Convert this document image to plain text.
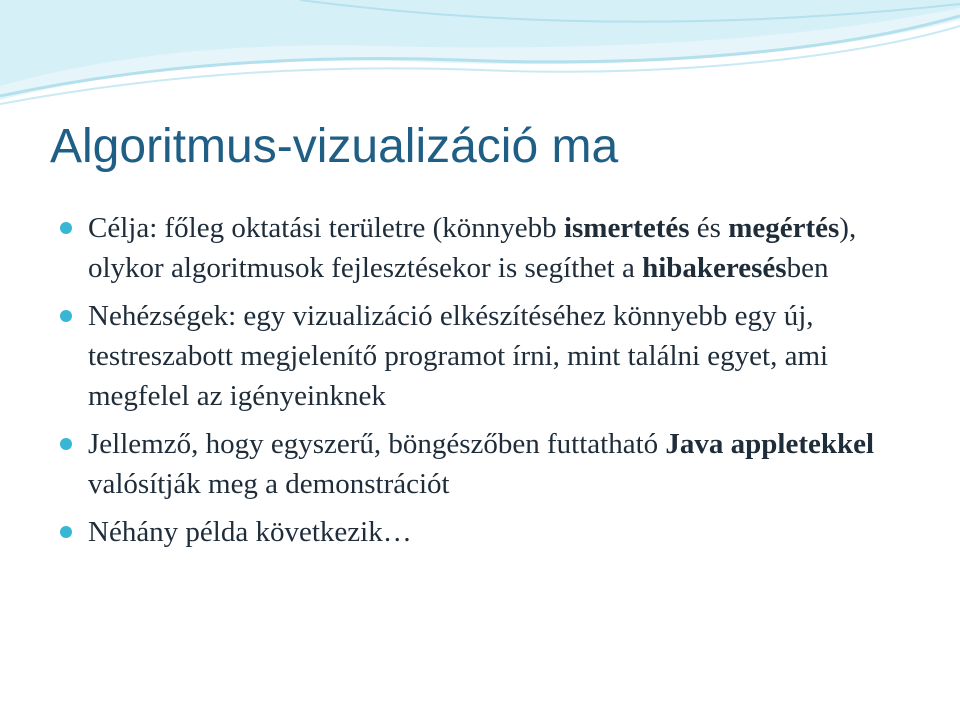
Algoritmus-vizualizáció ma
Célja: főleg oktatási területre (könnyebb ismertetés és megértés), olykor algoritmusok fejlesztésekor is segíthet a hibakeresésben
Nehézségek: egy vizualizáció elkészítéséhez könnyebb egy új, testreszabott megjelenítő programot írni, mint találni egyet, ami megfelel az igényeinknek
Jellemző, hogy egyszerű, böngészőben futtatható Java appletekkel valósítják meg a demonstrációt
Néhány példa következik…
